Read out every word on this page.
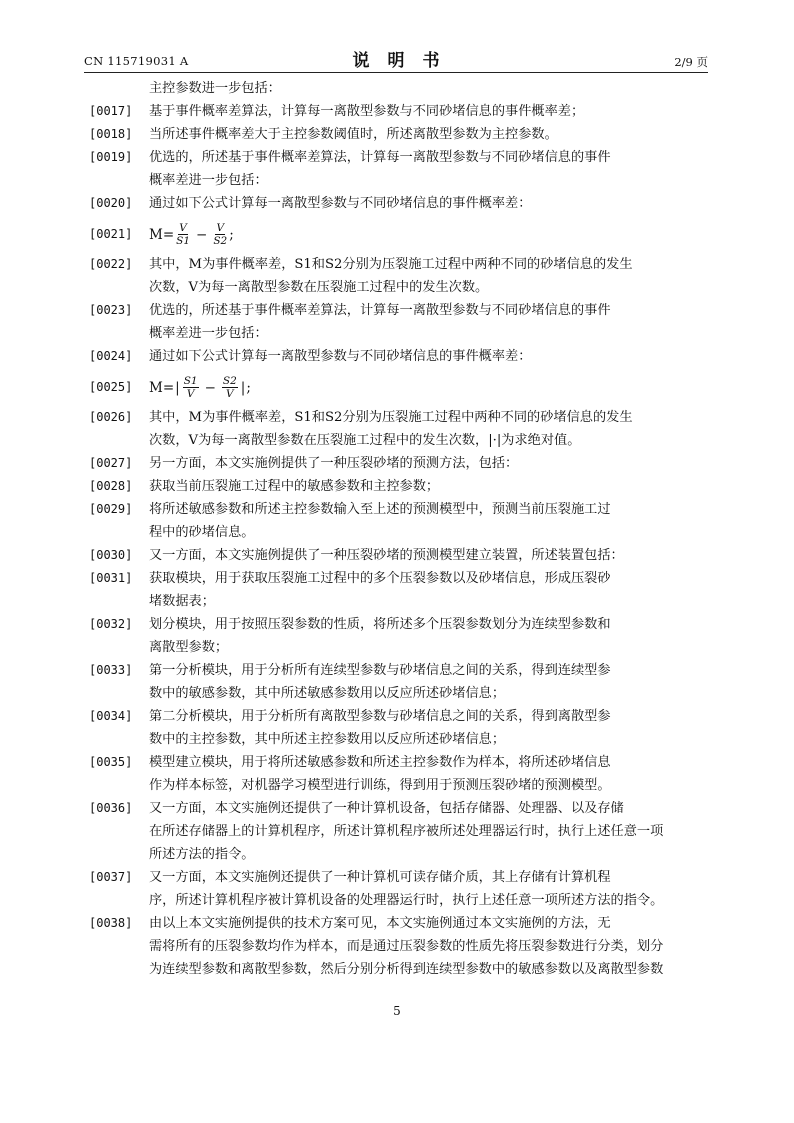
CN 115719031 A	说明书	2/9 页
主控参数进一步包括：
[0017] 基于事件概率差算法，计算每一离散型参数与不同砂堵信息的事件概率差；
[0018] 当所述事件概率差大于主控参数阈值时，所述离散型参数为主控参数。
[0019] 优选的，所述基于事件概率差算法，计算每一离散型参数与不同砂堵信息的事件
概率差进一步包括：
[0020] 通过如下公式计算每一离散型参数与不同砂堵信息的事件概率差：
[0021] $M= \frac{V}{S1} - \frac{V}{S2}$ ;
[0022] 其中，M为事件概率差，S1和S2分别为压裂施工过程中两种不同的砂堵信息的发生
次数，V为每一离散型参数在压裂施工过程中的发生次数。
[0023] 优选的，所述基于事件概率差算法，计算每一离散型参数与不同砂堵信息的事件
概率差进一步包括：
[0024] 通过如下公式计算每一离散型参数与不同砂堵信息的事件概率差：
[0025] M= | $\frac{S1}{V} - \frac{S2}{V}$ | ;
[0026] 其中，M为事件概率差，S1和S2分别为压裂施工过程中两种不同的砂堵信息的发生
次数，V为每一离散型参数在压裂施工过程中的发生次数，|·|为求绝对值。
[0027] 另一方面，本文实施例提供了一种压裂砂堵的预测方法，包括：
[0028] 获取当前压裂施工过程中的敏感参数和主控参数；
[0029] 将所述敏感参数和所述主控参数输入至上述的预测模型中，预测当前压裂施工过
程中的砂堵信息。
[0030] 又一方面，本文实施例提供了一种压裂砂堵的预测模型建立装置，所述装置包括：
[0031] 获取模块，用于获取压裂施工过程中的多个压裂参数以及砂堵信息，形成压裂砂
堵数据表；
[0032] 划分模块，用于按照压裂参数的性质，将所述多个压裂参数划分为连续型参数和
离散型参数；
[0033] 第一分析模块，用于分析所有连续型参数与砂堵信息之间的关系，得到连续型参
数中的敏感参数，其中所述敏感参数用以反应所述砂堵信息；
[0034] 第二分析模块，用于分析所有离散型参数与砂堵信息之间的关系，得到离散型参
数中的主控参数，其中所述主控参数用以反应所述砂堵信息；
[0035] 模型建立模块，用于将所述敏感参数和所述主控参数作为样本，将所述砂堵信息
作为样本标签，对机器学习模型进行训练，得到用于预测压裂砂堵的预测模型。
[0036] 又一方面，本文实施例还提供了一种计算机设备，包括存储器、处理器、以及存储
在所述存储器上的计算机程序，所述计算机程序被所述处理器运行时，执行上述任意一项
所述方法的指令。
[0037] 又一方面，本文实施例还提供了一种计算机可读存储介质，其上存储有计算机程
序，所述计算机程序被计算机设备的处理器运行时，执行上述任意一项所述方法的指令。
[0038] 由以上本文实施例提供的技术方案可见，本文实施例通过本文实施例的方法，无
需将所有的压裂参数均作为样本，而是通过压裂参数的性质先将压裂参数进行分类，划分
为连续型参数和离散型参数，然后分别分析得到连续型参数中的敏感参数以及离散型参数
5
